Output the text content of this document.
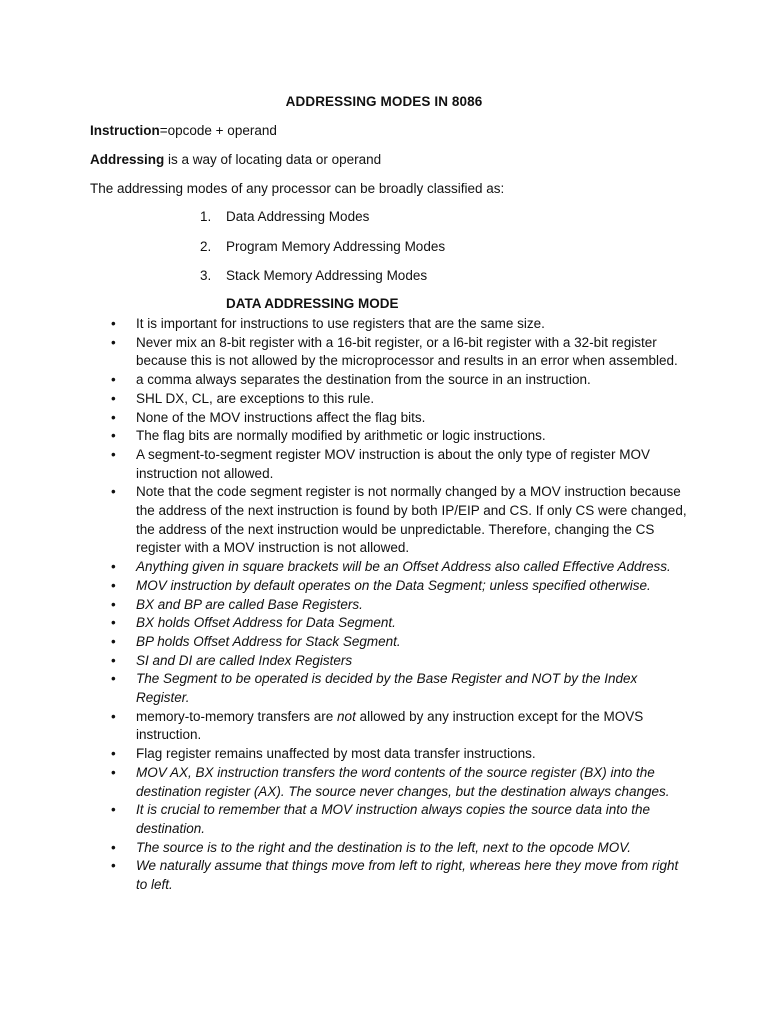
ADDRESSING MODES IN 8086
Instruction=opcode + operand
Addressing is a way of locating data or operand
The addressing modes of any processor can be broadly classified as:
1. Data Addressing Modes
2. Program Memory Addressing Modes
3. Stack Memory Addressing Modes
DATA ADDRESSING MODE
• It is important for instructions to use registers that are the same size.
• Never mix an 8-bit register with a 16-bit register, or a l6-bit register with a 32-bit register because this is not allowed by the microprocessor and results in an error when assembled.
• a comma always separates the destination from the source in an instruction.
• SHL DX, CL, are exceptions to this rule.
• None of the MOV instructions affect the flag bits.
• The flag bits are normally modified by arithmetic or logic instructions.
• A segment-to-segment register MOV instruction is about the only type of register MOV instruction not allowed.
• Note that the code segment register is not normally changed by a MOV instruction because the address of the next instruction is found by both IP/EIP and CS. If only CS were changed, the address of the next instruction would be unpredictable. Therefore, changing the CS register with a MOV instruction is not allowed.
• Anything given in square brackets will be an Offset Address also called Effective Address.
• MOV instruction by default operates on the Data Segment; unless specified otherwise.
• BX and BP are called Base Registers.
• BX holds Offset Address for Data Segment.
• BP holds Offset Address for Stack Segment.
• SI and DI are called Index Registers
• The Segment to be operated is decided by the Base Register and NOT by the Index Register.
• memory-to-memory transfers are not allowed by any instruction except for the MOVS instruction.
• Flag register remains unaffected by most data transfer instructions.
• MOV AX, BX instruction transfers the word contents of the source register (BX) into the destination register (AX). The source never changes, but the destination always changes.
• It is crucial to remember that a MOV instruction always copies the source data into the destination.
• The source is to the right and the destination is to the left, next to the opcode MOV.
• We naturally assume that things move from left to right, whereas here they move from right to left.
